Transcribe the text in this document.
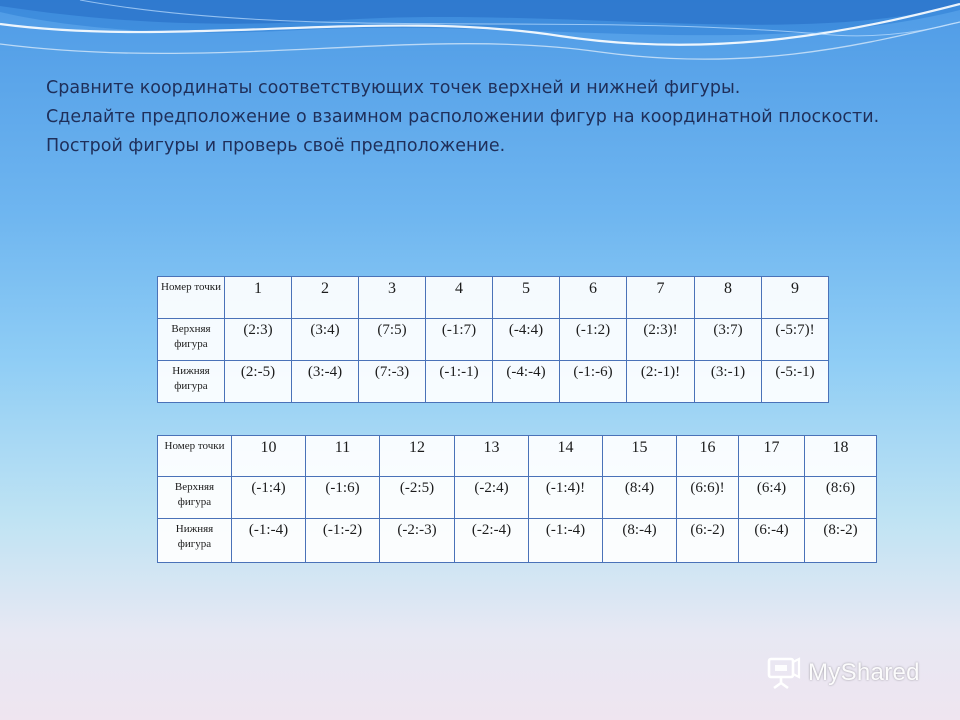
Сравните координаты соответствующих точек верхней и нижней фигуры.

Сделайте предположение о взаимном расположении фигур на координатной плоскости.

Построй фигуры и проверь своё предположение.

Номер точки	1	2	3	4	5	6	7	8	9
Верхняя фигура	(2:3)	(3:4)	(7:5)	(-1:7)	(-4:4)	(-1:2)	(2:3)!	(3:7)	(-5:7)!
Нижняя фигура	(2:-5)	(3:-4)	(7:-3)	(-1:-1)	(-4:-4)	(-1:-6)	(2:-1)!	(3:-1)	(-5:-1)
Номер точки	10	11	12	13	14	15	16	17	18
Верхняя фигура	(-1:4)	(-1:6)	(-2:5)	(-2:4)	(-1:4)!	(8:4)	(6:6)!	(6:4)	(8:6)
Нижняя фигура	(-1:-4)	(-1:-2)	(-2:-3)	(-2:-4)	(-1:-4)	(8:-4)	(6:-2)	(6:-4)	(8:-2)
MyShared
